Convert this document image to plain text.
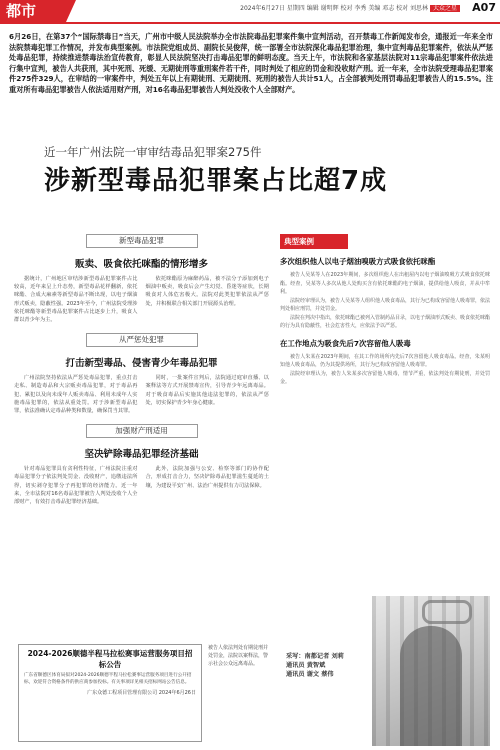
都市	2024年6月27日 星期四 编辑 谢明辉 校对 李秀 美编 邓志 校对 刘思林 大众之星 A07
6月26日，在第37个“国际禁毒日”当天，广州市中级人民法院举办全市法院毒品犯罪案件集中宣判活动，召开禁毒工作新闻发布会，通报近一年来全市法院禁毒犯罪工作情况，并发布典型案例。市法院党组成员、副院长吴俊萍，统一部署全市法院深化毒品犯罪治理，集中宣判毒品犯罪案件，依法从严惩处毒品犯罪，持续推进禁毒法治宣传教育，彰显人民法院坚决打击毒品犯罪的鲜明态度。当天上午，市法院和各家基层法院对11宗毒品犯罪案件依法进行集中宣判，被告人共获刑，其中死刑、死缓、无期徒刑等重刑案件若干件，同时判处了相应的罚金和没收财产刑。近一年来，全市法院受理毒品犯罪案件275件329人，在审结的一审案件中，判处五年以上有期徒刑、无期徒刑、死刑的被告人共计51人，占全部被判处刑罚毒品犯罪被告人的15.5%。注重对所有毒品犯罪被告人依法适用财产刑，对16名毒品犯罪被告人判处没收个人全部财产。
近一年广州法院一审审结毒品犯罪案275件
涉新型毒品犯罪案占比超7成
新型毒品犯罪
贩卖、吸食依托咪酯的情形增多

据统计，广州地区审结涉新型毒品犯罪案件占比较高，近年来呈上升态势，新型毒品花样翻新，依托咪酯、合成大麻素等新型毒品不断出现，以电子烟油形式贩卖，隐蔽性强。2023年至今，广州法院受理涉依托咪酯等新型毒品犯罪案件占比逐步上升，吸食人群以青少年为主。

依托咪酯原为麻醉药品，被不法分子添加到电子烟油中贩卖，吸食后会产生幻觉、昏迷等症状，长期吸食对人体危害极大。法院对此类犯罪依法从严惩处，并积极联合相关部门开展源头治理。

从严惩处犯罪
打击新型毒品、侵害青少年毒品犯罪

广州法院坚持依法从严惩处毒品犯罪，重点打击走私、制造毒品和大宗贩卖毒品犯罪，对于毒品再犯、累犯以及向未成年人贩卖毒品、利用未成年人实施毒品犯罪的，依法从重处罚。对于涉新型毒品犯罪，依法准确认定毒品种类和数量，确保罚当其罪。

同时，一批案件宣判后，法院通过庭审直播、以案释法等方式开展禁毒宣传，引导青少年远离毒品。对于吸食毒品后实施其他违法犯罪的，依法从严惩处，切实保护青少年身心健康。

加强财产刑适用
坚决铲除毒品犯罪经济基础

针对毒品犯罪具有贪利性特征，广州法院注重对毒品犯罪分子依法判处罚金、没收财产，追缴违法所得，切实剥夺犯罪分子再犯罪的经济能力。近一年来，全市法院对16名毒品犯罪被告人判处没收个人全部财产，有效打击毒品犯罪经济基础。

此外，法院加强与公安、检察等部门的协作配合，形成打击合力，坚决铲除毒品犯罪滋生蔓延的土壤，为建设平安广州、法治广州提供有力司法保障。

典型案例
多次组织他人以电子烟油嗅吸方式吸食依托咪酯

被告人吴某等人在2023年期间，多次组织他人在出租屋内以电子烟油嗅吸方式吸食依托咪酯。经查，吴某等人多次从他人处购买含有依托咪酯的电子烟油，提供给他人吸食，并从中牟利。

法院经审理认为，被告人吴某等人组织他人吸食毒品，其行为已构成容留他人吸毒罪，依法判处相应刑罚，并处罚金。

法院在判决中指出，依托咪酯已被列入管制药品目录，以电子烟油形式贩卖、吸食依托咪酯的行为具有隐蔽性，社会危害性大，应依法予以严惩。

在工作地点为吸食先后7次容留他人吸毒

被告人朱某在2023年期间，在其工作的场所内先后7次容留他人吸食毒品。经查，朱某明知他人吸食毒品，仍为其提供场所，其行为已构成容留他人吸毒罪。

法院经审理认为，被告人朱某多次容留他人吸毒，情节严重，依法判处有期徒刑，并处罚金。

2024-2026顺德半程马拉松赛事运营服务项目招标公告

广东省顺德区体育局拟对2024-2026顺德半程马拉松赛事运营服务项目进行公开招标，欢迎符合资格条件的供应商参加投标。有关事项详见相关招标网站公告信息。

广东众德工程项目管理有限公司 2024年6月26日
被告人依法判处有期徒刑并处罚金，法院以案释法，警示社会公众远离毒品。
采写：南都记者 刘莉
通讯员 黄智斌
通讯员 谢文 蔡伟
